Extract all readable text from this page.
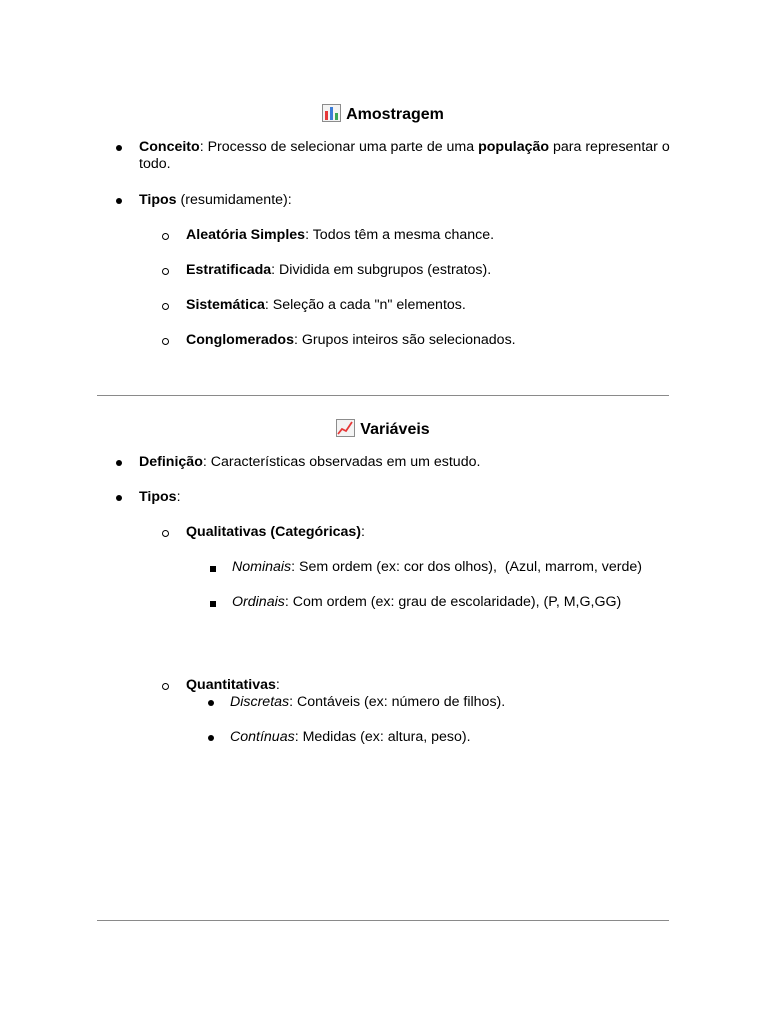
Amostragem
Conceito: Processo de selecionar uma parte de uma população para representar o todo.
Tipos (resumidamente):
Aleatória Simples: Todos têm a mesma chance.
Estratificada: Dividida em subgrupos (estratos).
Sistemática: Seleção a cada "n" elementos.
Conglomerados: Grupos inteiros são selecionados.
Variáveis
Definição: Características observadas em um estudo.
Tipos:
Qualitativas (Categóricas):
Nominais: Sem ordem (ex: cor dos olhos),  (Azul, marrom, verde)
Ordinais: Com ordem (ex: grau de escolaridade), (P, M,G,GG)
Quantitativas:
Discretas: Contáveis (ex: número de filhos).
Contínuas: Medidas (ex: altura, peso).
